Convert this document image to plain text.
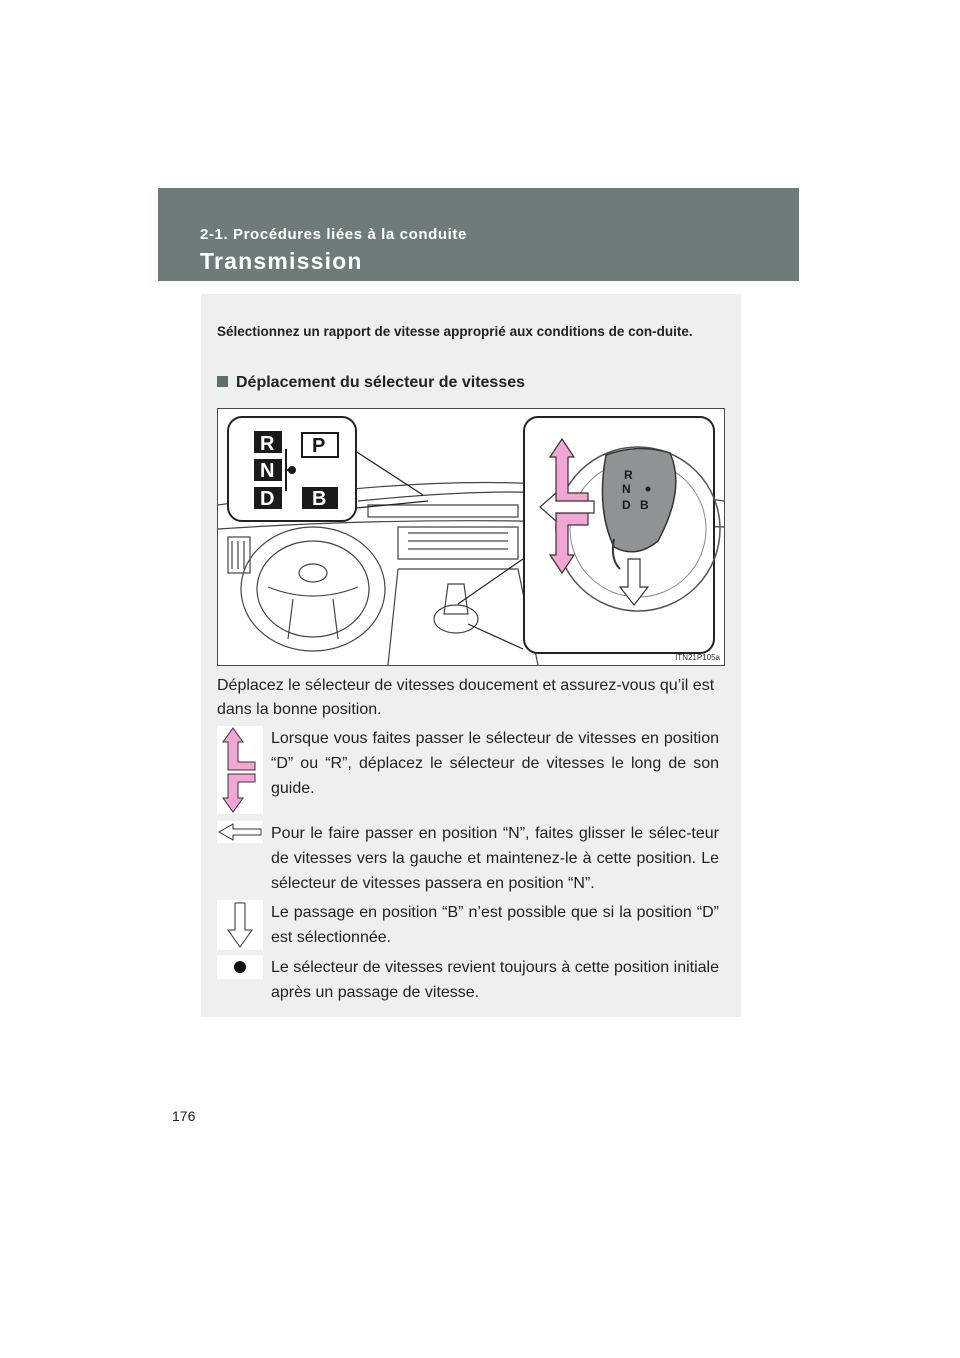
2-1. Procédures liées à la conduite
Transmission
Sélectionnez un rapport de vitesse approprié aux conditions de con-duite.
Déplacement du sélecteur de vitesses
R P
N
D B
R
N
D B
ITN21P105a
Déplacez le sélecteur de vitesses doucement et assurez-vous qu’il est dans la bonne position.
Lorsque vous faites passer le sélecteur de vitesses en position “D” ou “R”, déplacez le sélecteur de vitesses le long de son guide.
Pour le faire passer en position “N”, faites glisser le sélec-teur de vitesses vers la gauche et maintenez-le à cette position. Le sélecteur de vitesses passera en position “N”.
Le passage en position “B” n’est possible que si la position “D” est sélectionnée.
Le sélecteur de vitesses revient toujours à cette position initiale après un passage de vitesse.
176
